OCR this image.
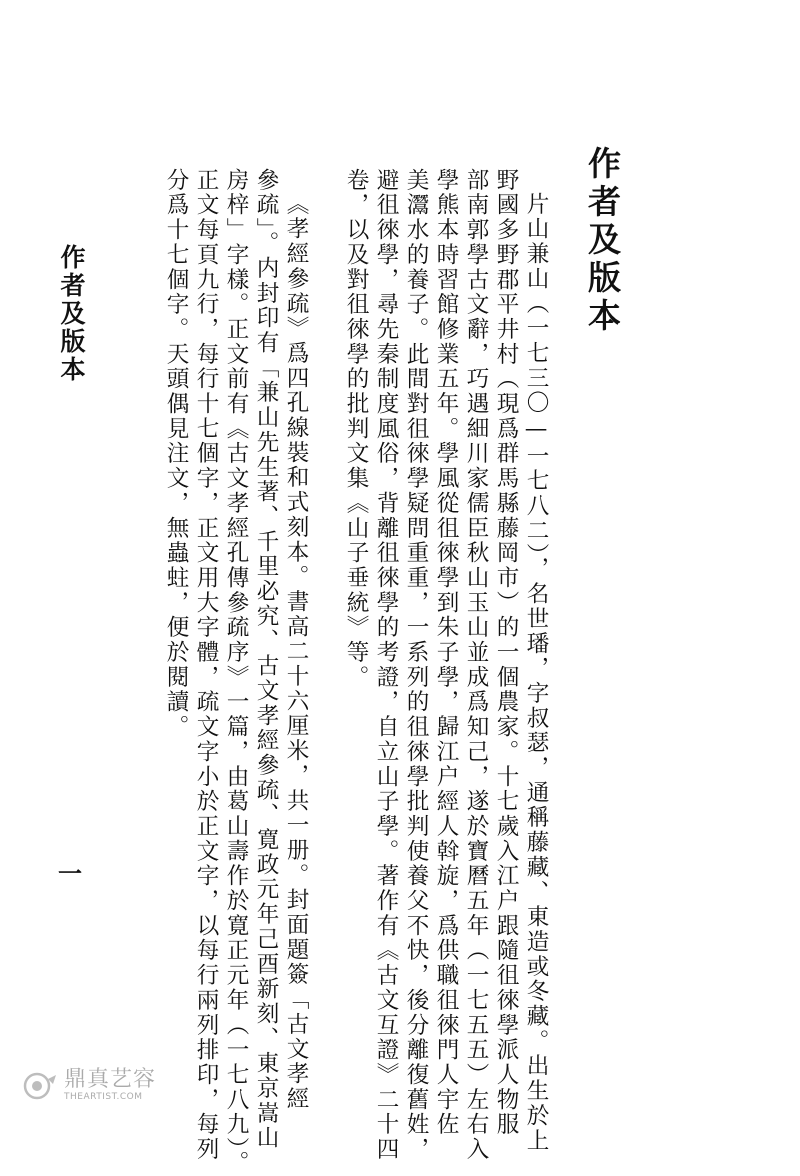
作者及版本
片山兼山（一七三〇—一七八二），名世璠，字叔瑟，通稱藤藏、東造或冬藏。出生於上
野國多野郡平井村（現爲群馬縣藤岡市）的一個農家。十七歲入江户跟隨徂徠學派人物服
部南郭學古文辭，巧遇細川家儒臣秋山玉山並成爲知己，遂於寶曆五年（一七五五）左右入
學熊本時習館修業五年。學風從徂徠學到朱子學，歸江户經人斡旋，爲供職徂徠門人宇佐
美灊水的養子。此間對徂徠學疑問重重，一系列的徂徠學批判使養父不快，後分離復舊姓，
避徂徠學，尋先秦制度風俗，背離徂徠學的考證，自立山子學。著作有《古文互證》二十四
卷，以及對徂徠學的批判文集《山子垂統》等。
《孝經參疏》爲四孔線裝和式刻本。書高二十六厘米，共一册。封面題簽「古文孝經
參疏」。内封印有「兼山先生著、千里必究、古文孝經參疏、寛政元年己酉新刻、東京嵩山
房梓」字樣。正文前有《古文孝經孔傳參疏序》一篇，由葛山壽作於寛正元年（一七八九）。
正文每頁九行，每行十七個字，正文用大字體，疏文字小於正文字，以每行兩列排印，每列
分爲十七個字。天頭偶見注文，無蟲蛀，便於閱讀。
作者及版本
一
鼎真艺容
THEARTIST.COM
